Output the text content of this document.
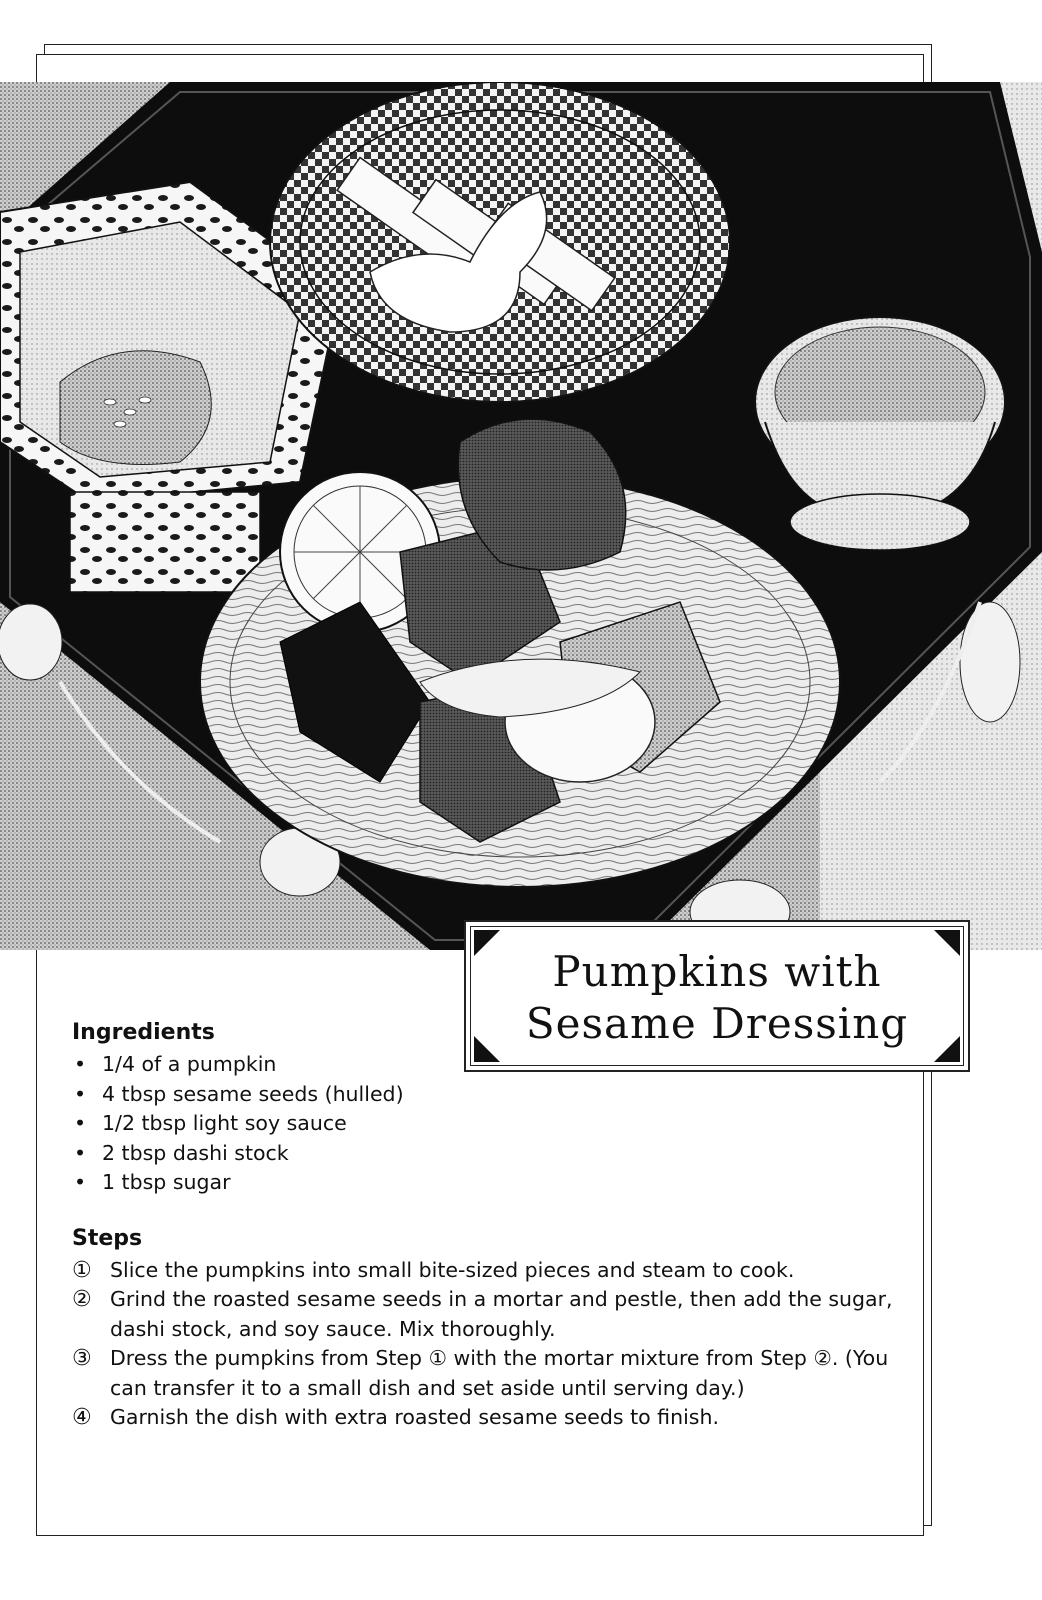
Pumpkins with
Sesame Dressing
Ingredients
• 1/4 of a pumpkin
• 4 tbsp sesame seeds (hulled)
• 1/2 tbsp light soy sauce
• 2 tbsp dashi stock
• 1 tbsp sugar
Steps
① Slice the pumpkins into small bite-sized pieces and steam to cook.
② Grind the roasted sesame seeds in a mortar and pestle, then add the sugar, dashi stock, and soy sauce. Mix thoroughly.
③ Dress the pumpkins from Step ① with the mortar mixture from Step ②. (You can transfer it to a small dish and set aside until serving day.)
④ Garnish the dish with extra roasted sesame seeds to finish.
